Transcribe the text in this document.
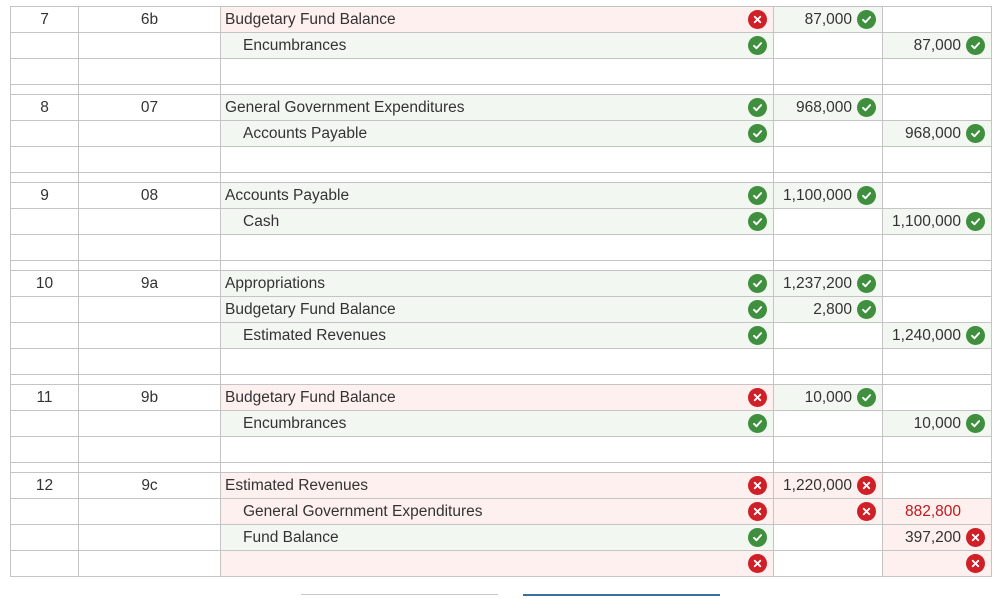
7	6b	Budgetary Fund Balance	87,000	

		Encumbrances		87,000

8	07	General Government Expenditures	968,000	

		Accounts Payable		968,000

9	08	Accounts Payable	1,100,000	

		Cash		1,100,000

10	9a	Appropriations	1,237,200	

		Budgetary Fund Balance	2,800	

		Estimated Revenues		1,240,000

11	9b	Budgetary Fund Balance	10,000	

		Encumbrances		10,000

12	9c	Estimated Revenues	1,220,000	

		General Government Expenditures		882,800

		Fund Balance		397,200
